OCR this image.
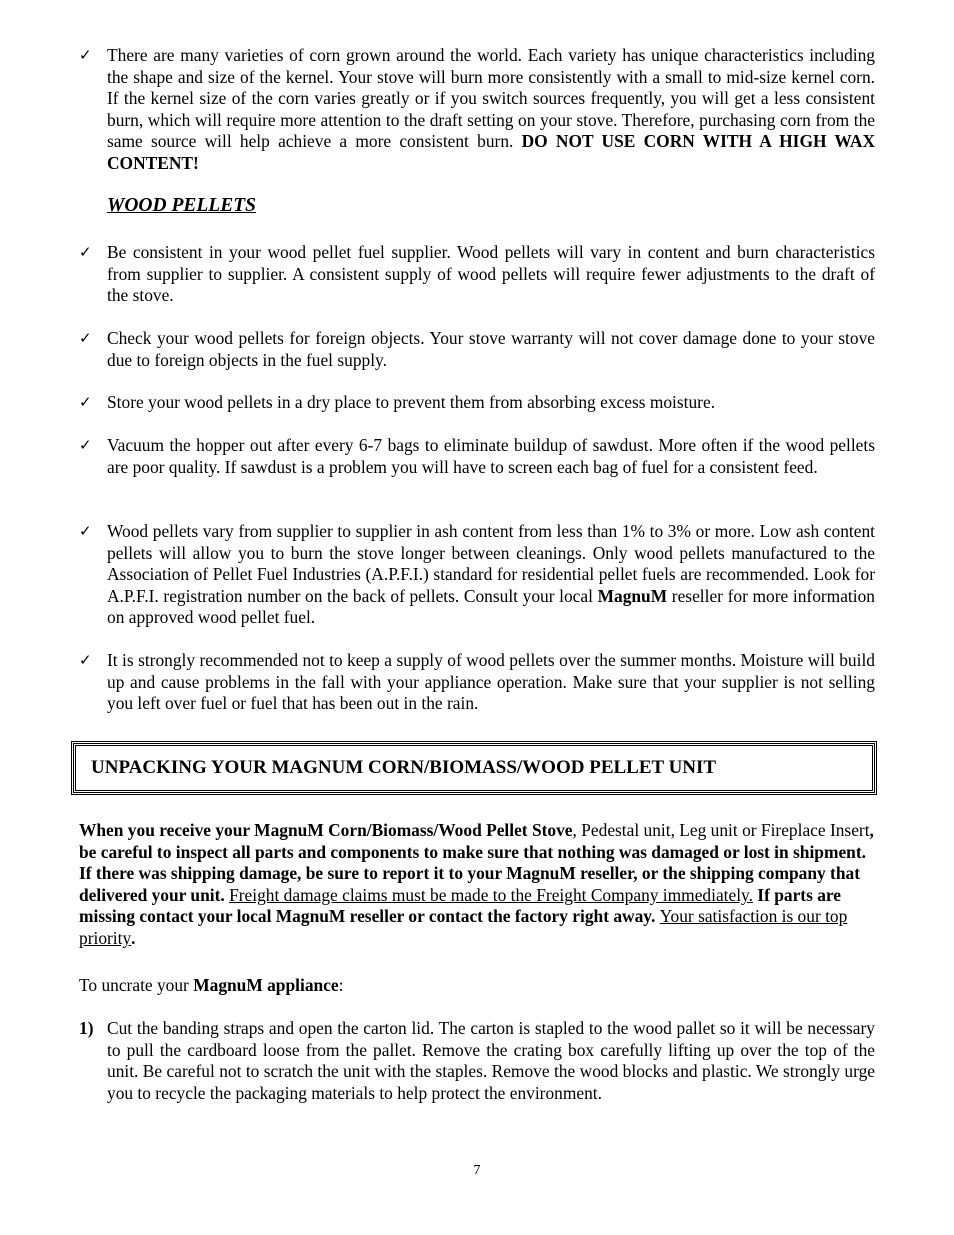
✓ There are many varieties of corn grown around the world. Each variety has unique characteristics including the shape and size of the kernel. Your stove will burn more consistently with a small to mid-size kernel corn. If the kernel size of the corn varies greatly or if you switch sources frequently, you will get a less consistent burn, which will require more attention to the draft setting on your stove. Therefore, purchasing corn from the same source will help achieve a more consistent burn. DO NOT USE CORN WITH A HIGH WAX CONTENT!
WOOD PELLETS
✓ Be consistent in your wood pellet fuel supplier. Wood pellets will vary in content and burn characteristics from supplier to supplier. A consistent supply of wood pellets will require fewer adjustments to the draft of the stove.
✓ Check your wood pellets for foreign objects. Your stove warranty will not cover damage done to your stove due to foreign objects in the fuel supply.
✓ Store your wood pellets in a dry place to prevent them from absorbing excess moisture.
✓ Vacuum the hopper out after every 6-7 bags to eliminate buildup of sawdust. More often if the wood pellets are poor quality. If sawdust is a problem you will have to screen each bag of fuel for a consistent feed.
✓ Wood pellets vary from supplier to supplier in ash content from less than 1% to 3% or more. Low ash content pellets will allow you to burn the stove longer between cleanings. Only wood pellets manufactured to the Association of Pellet Fuel Industries (A.P.F.I.) standard for residential pellet fuels are recommended. Look for A.P.F.I. registration number on the back of pellets. Consult your local MagnuM reseller for more information on approved wood pellet fuel.
✓ It is strongly recommended not to keep a supply of wood pellets over the summer months. Moisture will build up and cause problems in the fall with your appliance operation. Make sure that your supplier is not selling you left over fuel or fuel that has been out in the rain.
UNPACKING YOUR MAGNUM CORN/BIOMASS/WOOD PELLET UNIT
When you receive your MagnuM Corn/Biomass/Wood Pellet Stove, Pedestal unit, Leg unit or Fireplace Insert, be careful to inspect all parts and components to make sure that nothing was damaged or lost in shipment. If there was shipping damage, be sure to report it to your MagnuM reseller, or the shipping company that delivered your unit. Freight damage claims must be made to the Freight Company immediately. If parts are missing contact your local MagnuM reseller or contact the factory right away. Your satisfaction is our top priority.
To uncrate your MagnuM appliance:
1) Cut the banding straps and open the carton lid. The carton is stapled to the wood pallet so it will be necessary to pull the cardboard loose from the pallet. Remove the crating box carefully lifting up over the top of the unit. Be careful not to scratch the unit with the staples. Remove the wood blocks and plastic. We strongly urge you to recycle the packaging materials to help protect the environment.
7
